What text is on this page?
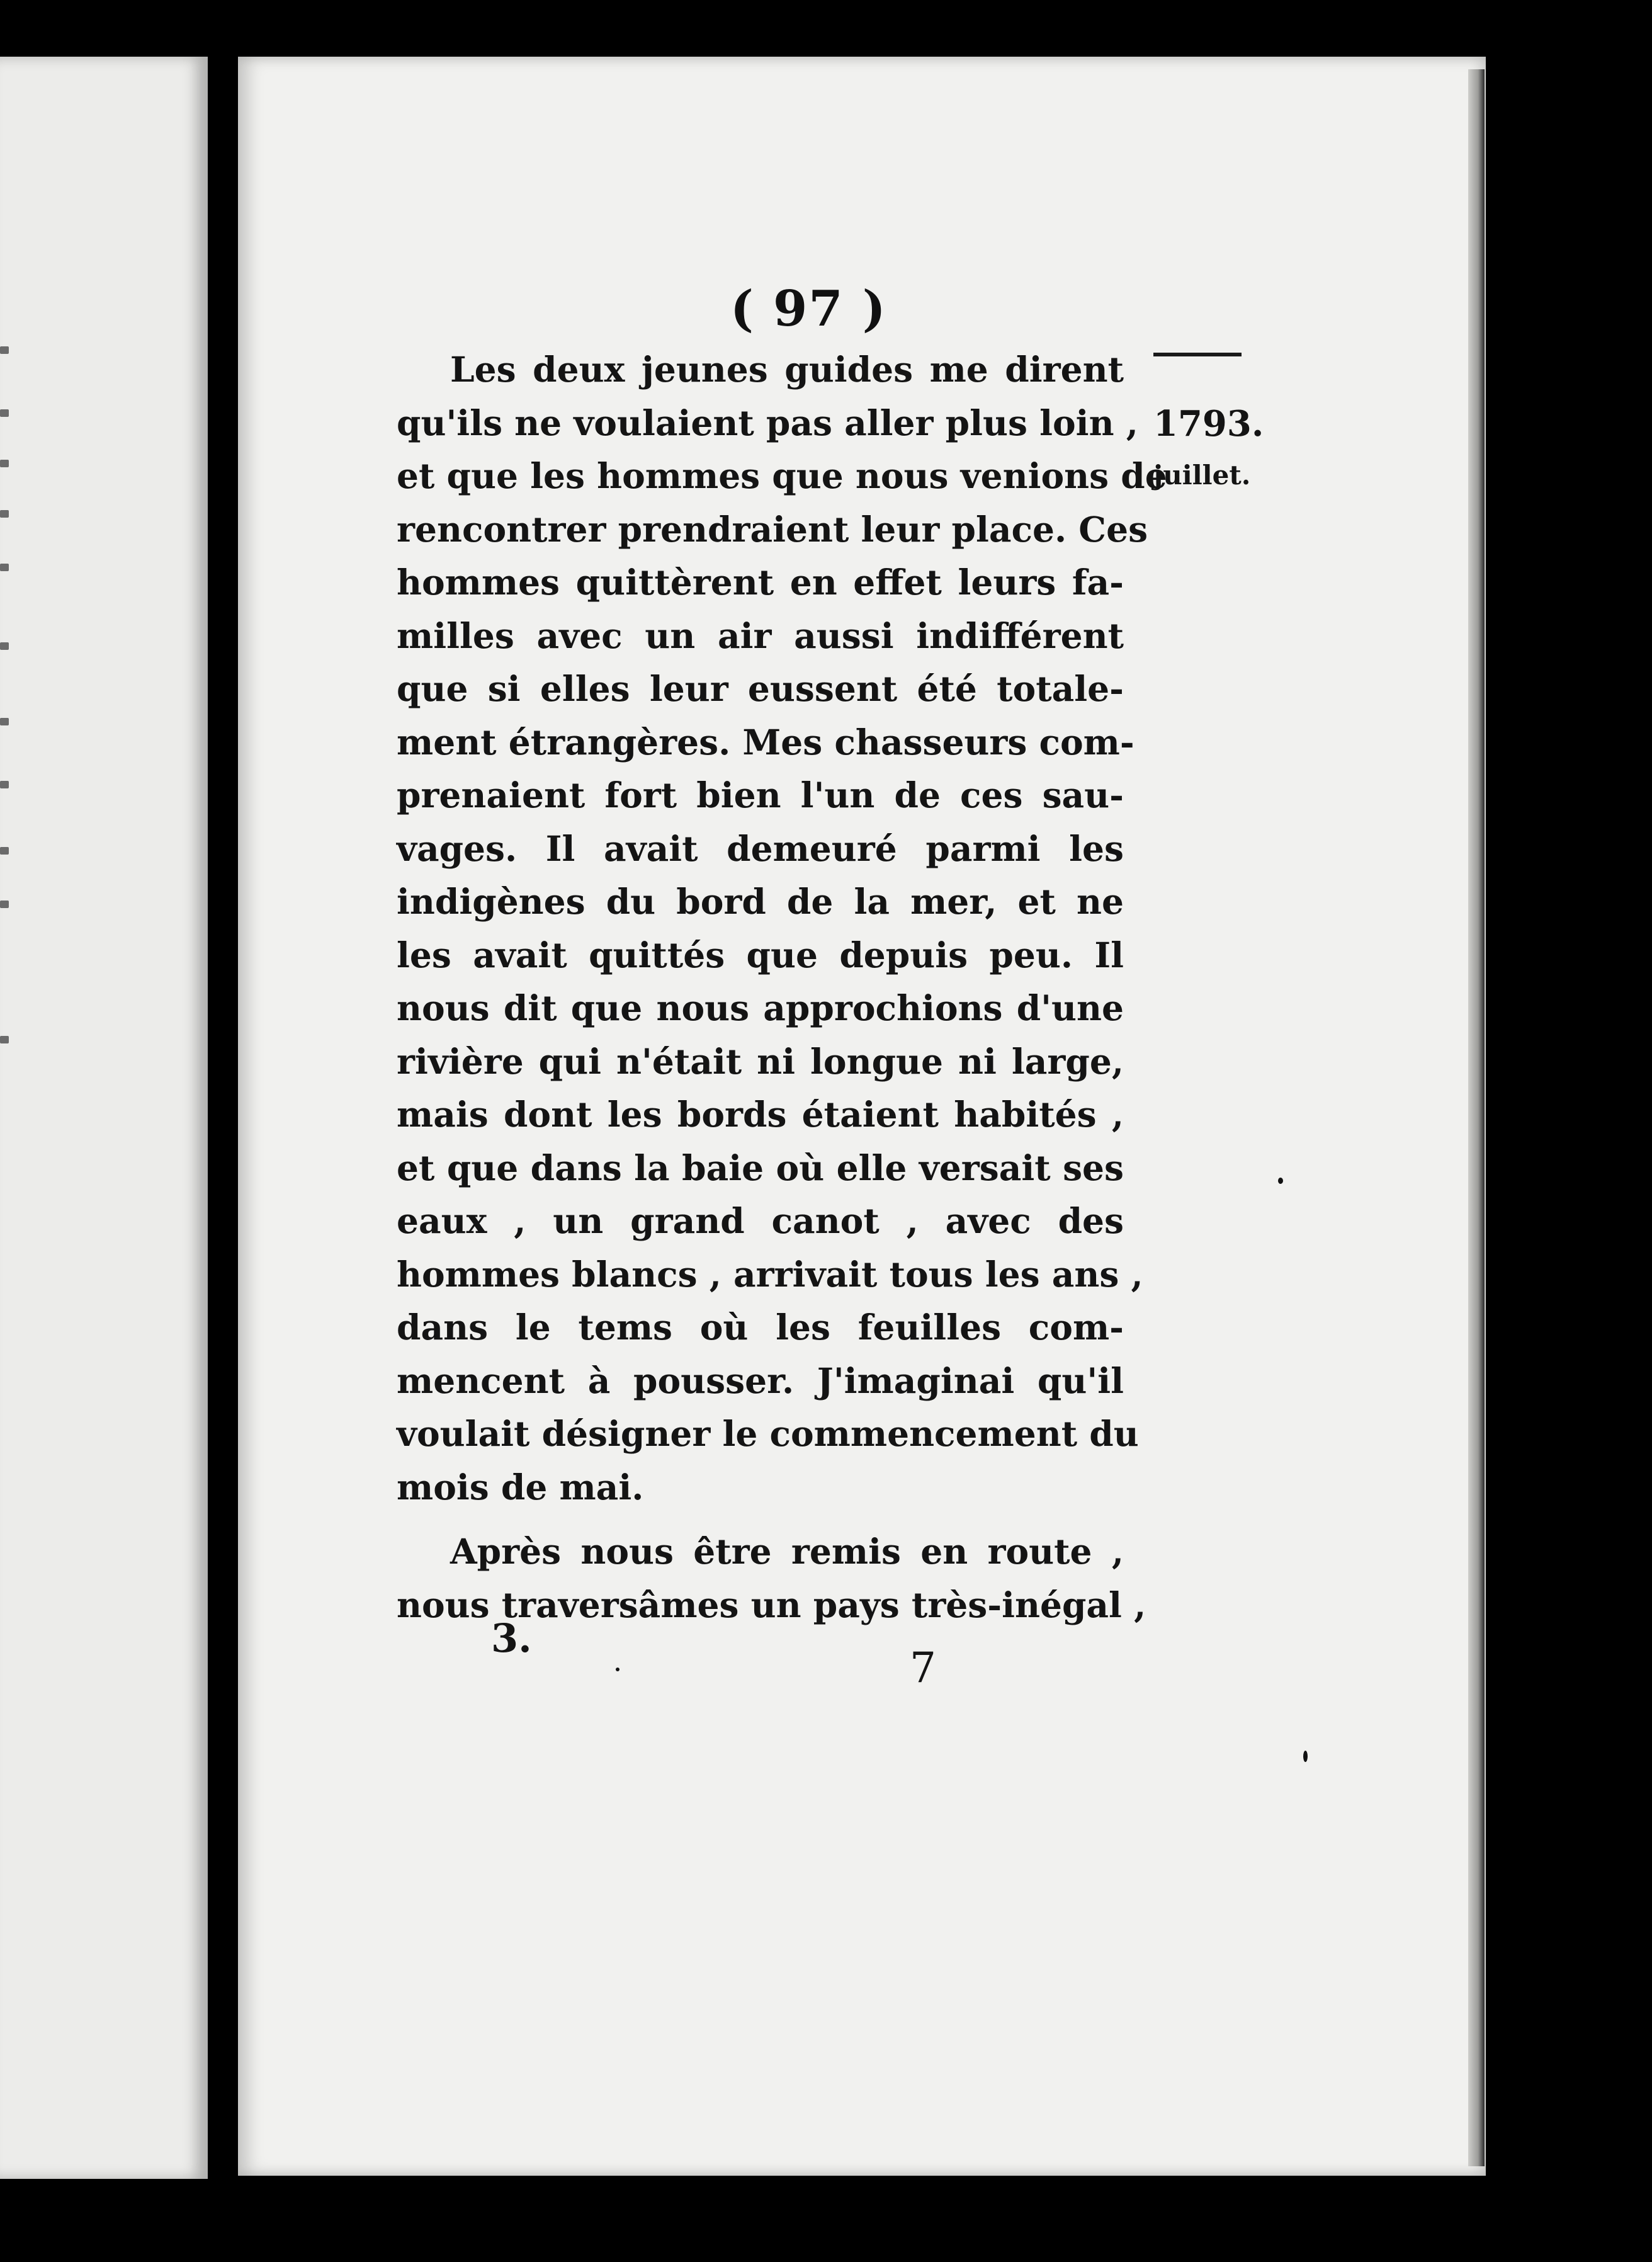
( 97 )
1793.
juillet.
Les deux jeunes guides me dirent
qu'ils ne voulaient pas aller plus loin ,
et que les hommes que nous venions de
rencontrer prendraient leur place. Ces
hommes quittèrent en effet leurs fa-
milles avec un air aussi indifférent
que si elles leur eussent été totale-
ment étrangères. Mes chasseurs com-
prenaient fort bien l'un de ces sau-
vages. Il avait demeuré parmi les
indigènes du bord de la mer, et ne
les avait quittés que depuis peu. Il
nous dit que nous approchions d'une
rivière qui n'était ni longue ni large,
mais dont les bords étaient habités ,
et que dans la baie où elle versait ses
eaux , un grand canot , avec des
hommes blancs , arrivait tous les ans ,
dans le tems où les feuilles com-
mencent à pousser. J'imaginai qu'il
voulait désigner le commencement du
mois de mai.
Après nous être remis en route ,
nous traversâmes un pays très-inégal ,
3.
7
